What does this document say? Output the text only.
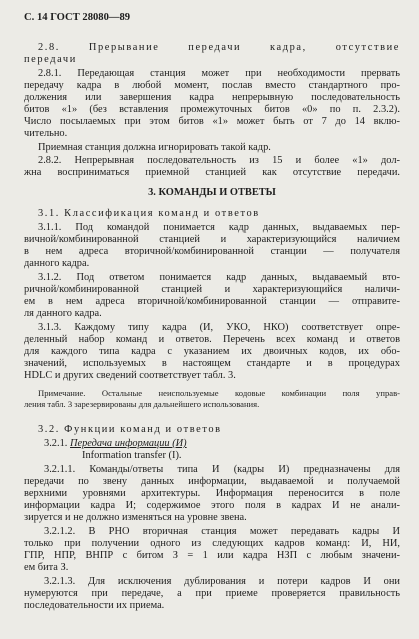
С. 14 ГОСТ 28080—89
2.8. Прерывание передачи кадра, отсутствие
передачи
2.8.1. Передающая станция может при необходимости прервать
передачу кадра в любой момент, послав вместо стандартного про-
должения или завершения кадра непрерывную последовательность
битов «1» (без вставления промежуточных битов «0» по п. 2.3.2).
Число посылаемых при этом битов «1» может быть от 7 до 14 вклю-
чительно.
Приемная станция должна игнорировать такой кадр.
2.8.2. Непрерывная последовательность из 15 и более «1» дол-
жна восприниматься приемной станцией как отсутствие передачи.
3. КОМАНДЫ И ОТВЕТЫ
3.1. Классификация команд и ответов
3.1.1. Под командой понимается кадр данных, выдаваемых пер-
вичной/комбинированной станцией и характеризующийся наличием
в нем адреса вторичной/комбинированной станции — получателя
данного кадра.
3.1.2. Под ответом понимается кадр данных, выдаваемый вто-
ричной/комбинированной станцией и характеризующийся наличи-
ем в нем адреса вторичной/комбинированной станции — отправите-
ля данного кадра.
3.1.3. Каждому типу кадра (И, УКО, НКО) соответствует опре-
деленный набор команд и ответов. Перечень всех команд и ответов
для каждого типа кадра с указанием их двоичных кодов, их обо-
значений, используемых в настоящем стандарте и в процедурах
HDLC и других сведений соответствует табл. 3.
Примечание. Остальные неиспользуемые кодовые комбинации поля управ-
ления табл. 3 зарезервированы для дальнейшего использования.
3.2. Функции команд и ответов
3.2.1. Передача информации (И)
Information transfer (I).
3.2.1.1. Команды/ответы типа И (кадры И) предназначены для
передачи по звену данных информации, выдаваемой и получаемой
верхними уровнями архитектуры. Информация переносится в поле
информации кадра И; содержимое этого поля в кадрах И не анали-
зируется и не должно изменяться на уровне звена.
3.2.1.2. В РНО вторичная станция может передавать кадры И
только при получении одного из следующих кадров команд: И, НИ,
ГПР, НПР, ВНПР с битом З = 1 или кадра НЗП с любым значени-
ем бита З.
3.2.1.3. Для исключения дублирования и потери кадров И они
нумеруются при передаче, а при приеме проверяется правильность
последовательности их приема.
